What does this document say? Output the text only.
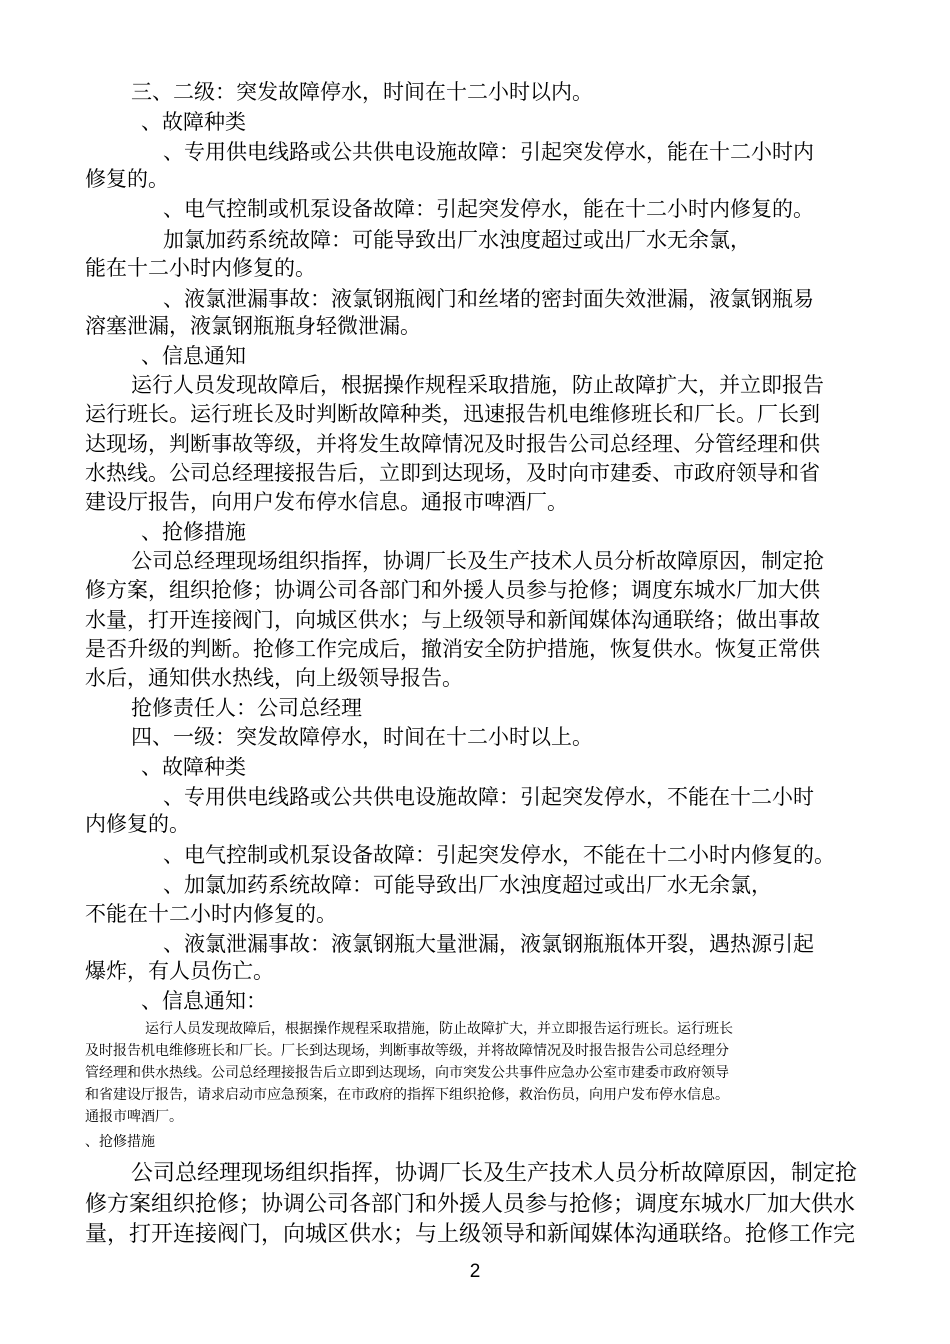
三、二级：突发故障停水，时间在十二小时以内。
、故障种类
、专用供电线路或公共供电设施故障：引起突发停水，能在十二小时内
修复的。
、电气控制或机泵设备故障：引起突发停水，能在十二小时内修复的。
加氯加药系统故障：可能导致出厂水浊度超过或出厂水无余氯，
能在十二小时内修复的。
、液氯泄漏事故：液氯钢瓶阀门和丝堵的密封面失效泄漏，液氯钢瓶易
溶塞泄漏，液氯钢瓶瓶身轻微泄漏。
、信息通知
运行人员发现故障后，根据操作规程采取措施，防止故障扩大，并立即报告
运行班长。运行班长及时判断故障种类，迅速报告机电维修班长和厂长。厂长到
达现场，判断事故等级，并将发生故障情况及时报告公司总经理、分管经理和供
水热线。公司总经理接报告后，立即到达现场，及时向市建委、市政府领导和省
建设厅报告，向用户发布停水信息。通报市啤酒厂。
、抢修措施
公司总经理现场组织指挥，协调厂长及生产技术人员分析故障原因，制定抢
修方案，组织抢修；协调公司各部门和外援人员参与抢修；调度东城水厂加大供
水量，打开连接阀门，向城区供水；与上级领导和新闻媒体沟通联络；做出事故
是否升级的判断。抢修工作完成后，撤消安全防护措施，恢复供水。恢复正常供
水后，通知供水热线，向上级领导报告。
抢修责任人：公司总经理
四、一级：突发故障停水，时间在十二小时以上。
、故障种类
、专用供电线路或公共供电设施故障：引起突发停水，不能在十二小时
内修复的。
、电气控制或机泵设备故障：引起突发停水，不能在十二小时内修复的。
、加氯加药系统故障：可能导致出厂水浊度超过或出厂水无余氯，
不能在十二小时内修复的。
、液氯泄漏事故：液氯钢瓶大量泄漏，液氯钢瓶瓶体开裂，遇热源引起
爆炸，有人员伤亡。
、信息通知：
运行人员发现故障后，根据操作规程采取措施，防止故障扩大，并立即报告运行班长。运行班长
及时报告机电维修班长和厂长。厂长到达现场，判断事故等级，并将故障情况及时报告报告公司总经理分
管经理和供水热线。公司总经理接报告后立即到达现场，向市突发公共事件应急办公室市建委市政府领导
和省建设厅报告，请求启动市应急预案，在市政府的指挥下组织抢修，救治伤员，向用户发布停水信息。
通报市啤酒厂。
、抢修措施
公司总经理现场组织指挥，协调厂长及生产技术人员分析故障原因，制定抢
修方案组织抢修；协调公司各部门和外援人员参与抢修；调度东城水厂加大供水
量，打开连接阀门，向城区供水；与上级领导和新闻媒体沟通联络。抢修工作完
2
